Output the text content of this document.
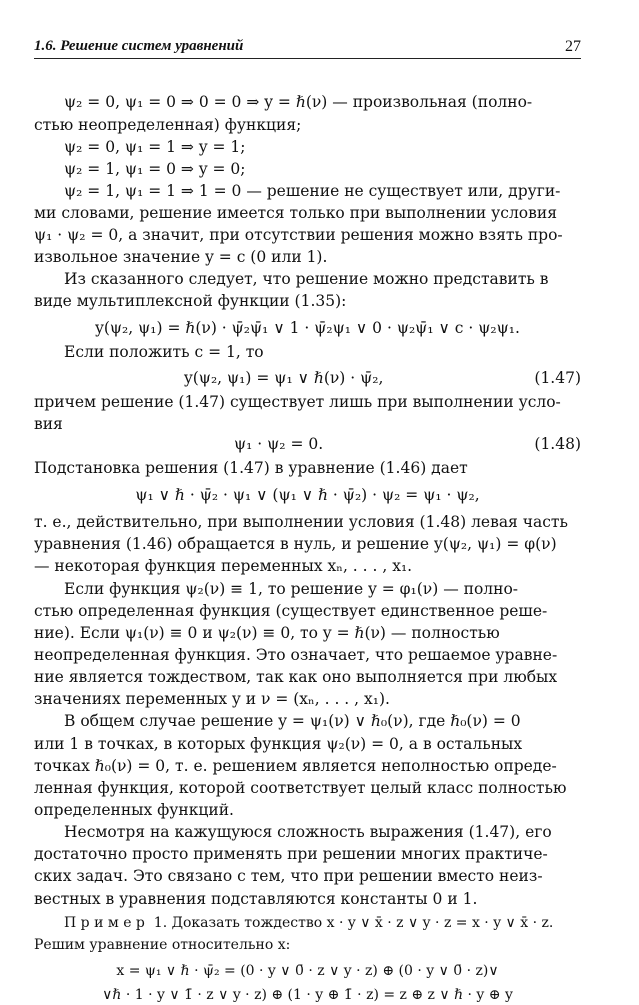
1.6. Решение систем уравнений	27
ψ₂ = 0, ψ₁ = 0 ⇒ 0 = 0 ⇒ y = ℏ(ν) — произвольная (полно-
стью неопределенная) функция;
ψ₂ = 0, ψ₁ = 1 ⇒ y = 1;
ψ₂ = 1, ψ₁ = 0 ⇒ y = 0;
ψ₂ = 1, ψ₁ = 1 ⇒ 1 = 0 — решение не существует или, други-
ми словами, решение имеется только при выполнении условия
ψ₁ · ψ₂ = 0, а значит, при отсутствии решения можно взять про-
извольное значение y = c (0 или 1).
Из сказанного следует, что решение можно представить в
виде мультиплексной функции (1.35):
y(ψ₂, ψ₁) = ℏ(ν) · ψ̄₂ψ̄₁ ∨ 1 · ψ̄₂ψ₁ ∨ 0 · ψ₂ψ̄₁ ∨ c · ψ₂ψ₁.
Если положить c = 1, то
y(ψ₂, ψ₁) = ψ₁ ∨ ℏ(ν) · ψ̄₂,	(1.47)
причем решение (1.47) существует лишь при выполнении усло-
вия
ψ₁ · ψ₂ = 0.	(1.48)
Подстановка решения (1.47) в уравнение (1.46) дает
ψ₁ ∨ ℏ · ψ̄₂ · ψ₁ ∨ (ψ₁ ∨ ℏ · ψ̄₂) · ψ₂ = ψ₁ · ψ₂,
т. е., действительно, при выполнении условия (1.48) левая часть
уравнения (1.46) обращается в нуль, и решение y(ψ₂, ψ₁) = φ(ν)
— некоторая функция переменных xₙ, . . . , x₁.
Если функция ψ₂(ν) ≡ 1, то решение y = φ₁(ν) — полно-
стью определенная функция (существует единственное реше-
ние). Если ψ₁(ν) ≡ 0 и ψ₂(ν) ≡ 0, то y = ℏ(ν) — полностью
неопределенная функция. Это означает, что решаемое уравне-
ние является тождеством, так как оно выполняется при любых
значениях переменных y и ν = (xₙ, . . . , x₁).
В общем случае решение y = ψ₁(ν) ∨ ℏ₀(ν), где ℏ₀(ν) = 0
или 1 в точках, в которых функция ψ₂(ν) = 0, а в остальных
точках ℏ₀(ν) = 0, т. е. решением является неполностью опреде-
ленная функция, которой соответствует целый класс полностью
определенных функций.
Несмотря на кажущуюся сложность выражения (1.47), его
достаточно просто применять при решении многих практиче-
ских задач. Это связано с тем, что при решении вместо неиз-
вестных в уравнения подставляются константы 0 и 1.
П р и м е р  1. Доказать тождество x · y ∨ x̄ · z ∨ y · z = x · y ∨ x̄ · z.
Решим уравнение относительно x:
x = ψ₁ ∨ ℏ · ψ̄₂ = (0 · y ∨ 0̄ · z ∨ y · z) ⊕ (0 · y ∨ 0̄ · z)∨
∨ℏ · 1 · y ∨ 1̄ · z ∨ y · z) ⊕ (1 · y ⊕ 1̄ · z) = z ⊕ z ∨ ℏ · y ⊕ y
